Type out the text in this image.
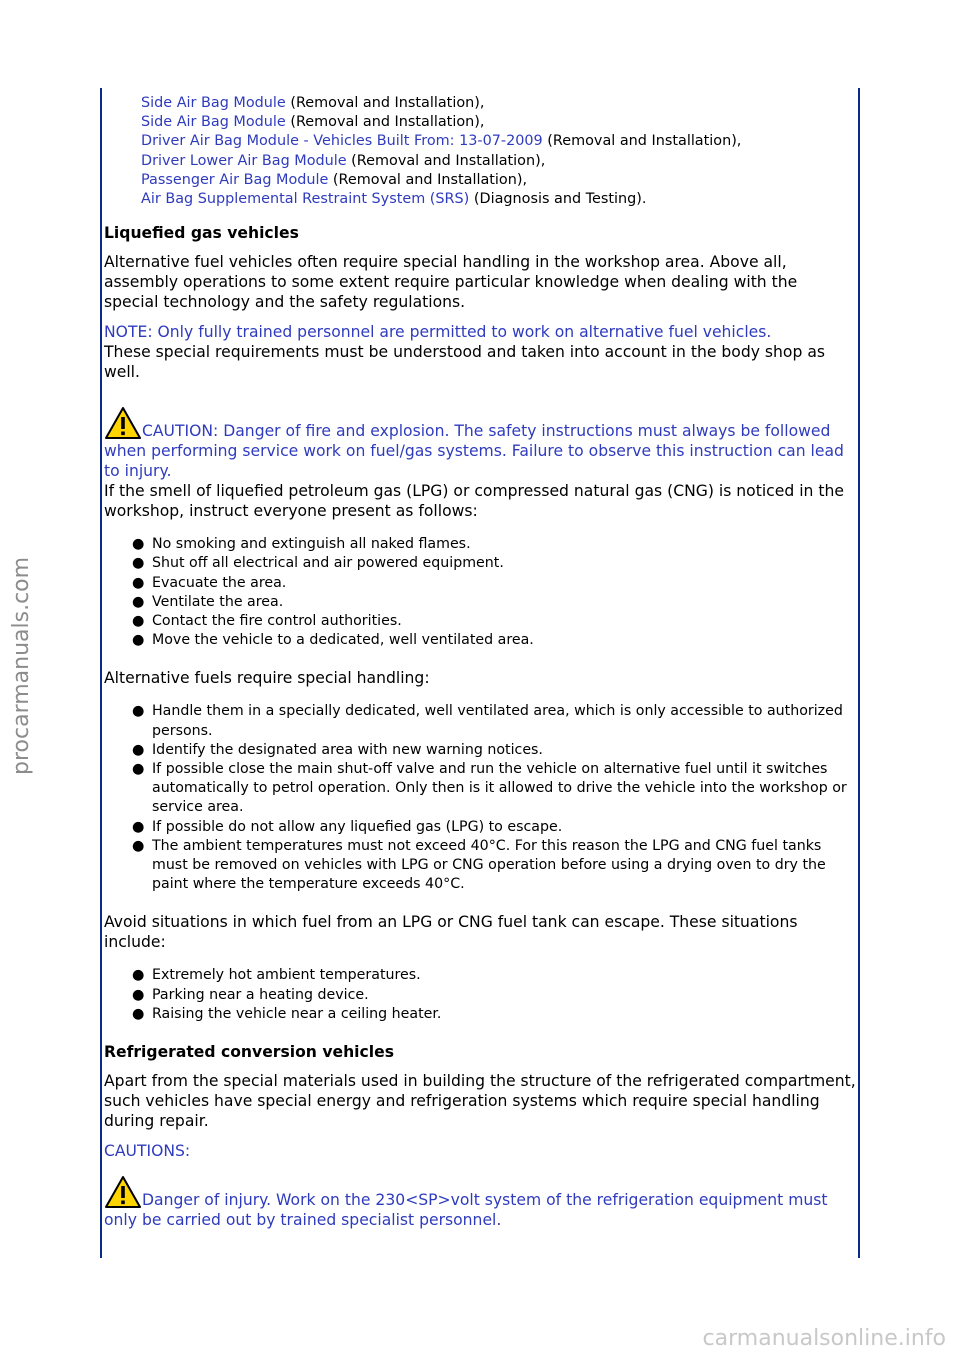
Side Air Bag Module (Removal and Installation),
Side Air Bag Module (Removal and Installation),
Driver Air Bag Module - Vehicles Built From: 13-07-2009 (Removal and Installation),
Driver Lower Air Bag Module (Removal and Installation),
Passenger Air Bag Module (Removal and Installation),
Air Bag Supplemental Restraint System (SRS) (Diagnosis and Testing).
Liquefied gas vehicles

Alternative fuel vehicles often require special handling in the workshop area. Above all, assembly operations to some extent require particular knowledge when dealing with the special technology and the safety regulations.

NOTE: Only fully trained personnel are permitted to work on alternative fuel vehicles.

These special requirements must be understood and taken into account in the body shop as well.

CAUTION: Danger of fire and explosion. The safety instructions must always be followed when performing service work on fuel/gas systems. Failure to observe this instruction can lead to injury.

If the smell of liquefied petroleum gas (LPG) or compressed natural gas (CNG) is noticed in the workshop, instruct everyone present as follows:

● No smoking and extinguish all naked flames.
● Shut off all electrical and air powered equipment.
● Evacuate the area.
● Ventilate the area.
● Contact the fire control authorities.
● Move the vehicle to a dedicated, well ventilated area.

Alternative fuels require special handling:

● Handle them in a specially dedicated, well ventilated area, which is only accessible to authorized persons.
● Identify the designated area with new warning notices.
● If possible close the main shut-off valve and run the vehicle on alternative fuel until it switches automatically to petrol operation. Only then is it allowed to drive the vehicle into the workshop or service area.
● If possible do not allow any liquefied gas (LPG) to escape.
● The ambient temperatures must not exceed 40°C. For this reason the LPG and CNG fuel tanks must be removed on vehicles with LPG or CNG operation before using a drying oven to dry the paint where the temperature exceeds 40°C.

Avoid situations in which fuel from an LPG or CNG fuel tank can escape. These situations include:

● Extremely hot ambient temperatures.
● Parking near a heating device.
● Raising the vehicle near a ceiling heater.
Refrigerated conversion vehicles

Apart from the special materials used in building the structure of the refrigerated compartment, such vehicles have special energy and refrigeration systems which require special handling during repair.

CAUTIONS:

Danger of injury. Work on the 230<SP>volt system of the refrigeration equipment must only be carried out by trained specialist personnel.
procarmanuals.com
carmanualsonline.info
